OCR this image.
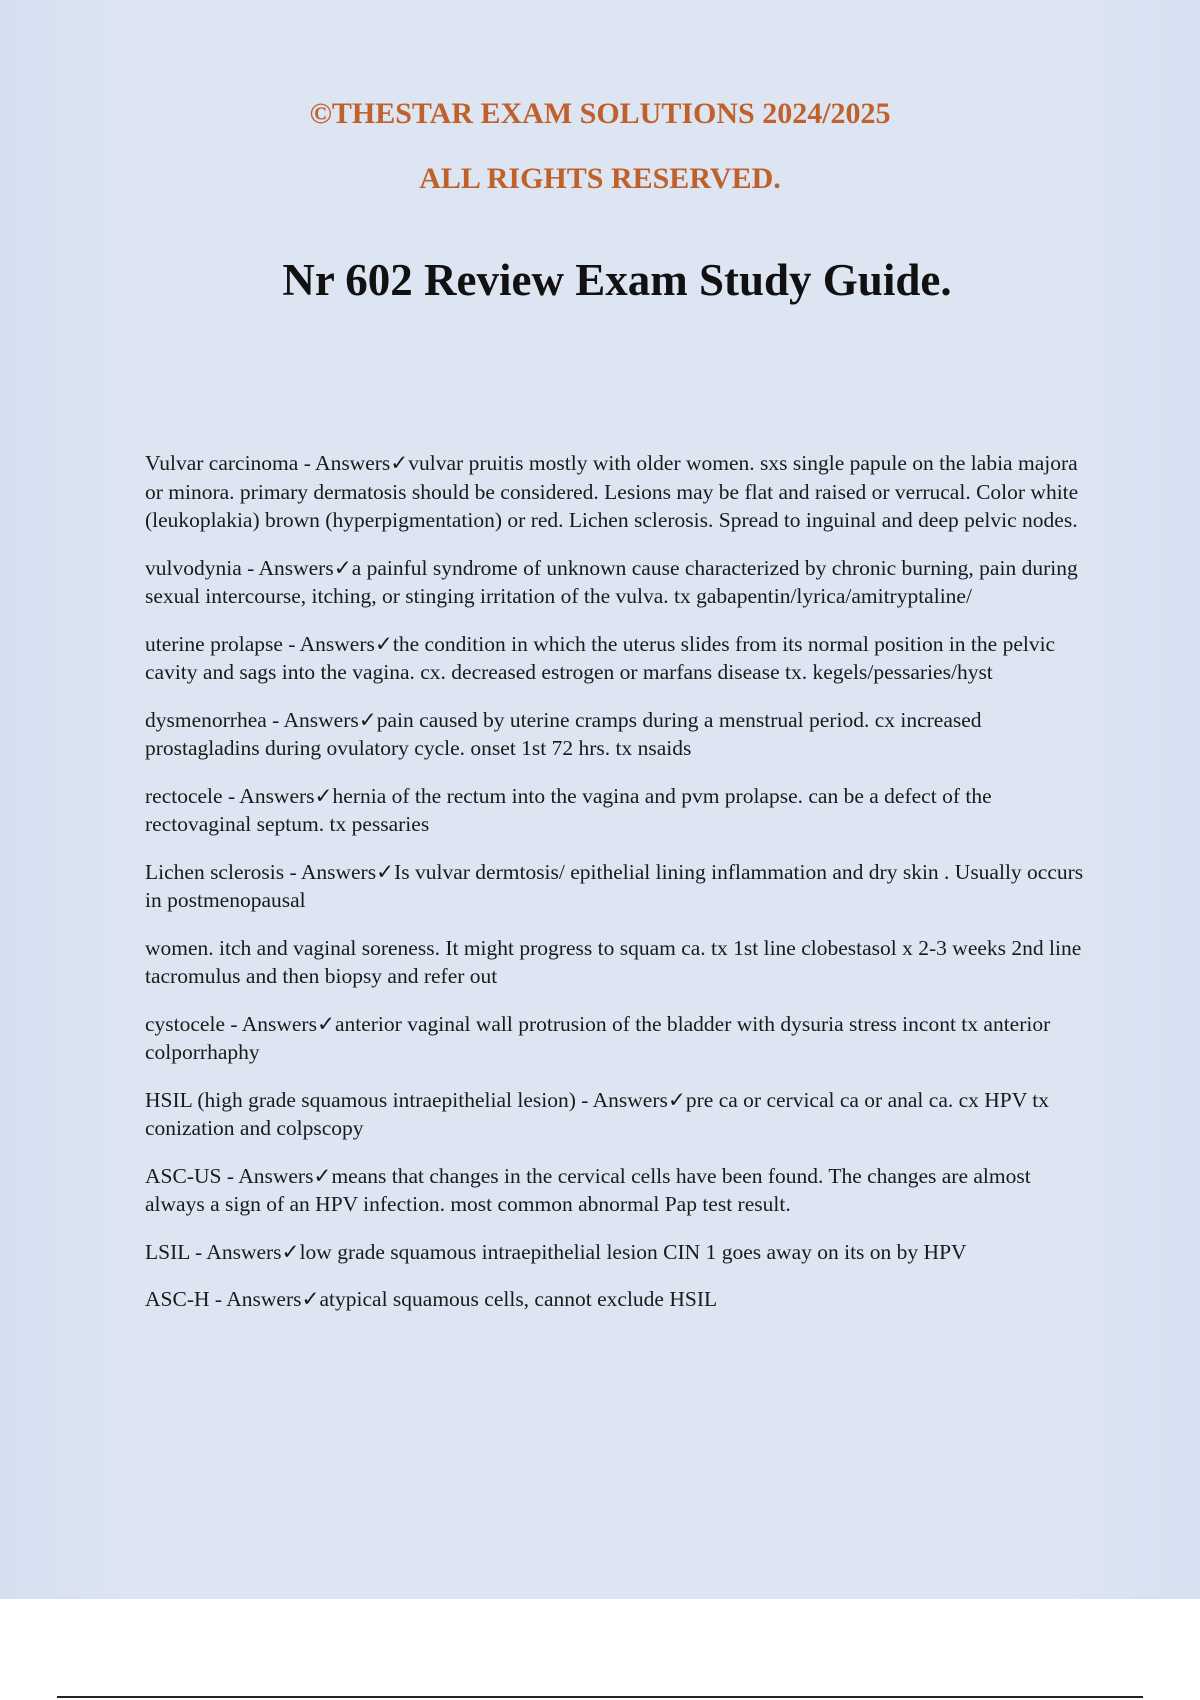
©THESTAR EXAM SOLUTIONS 2024/2025

ALL RIGHTS RESERVED.

Nr 602 Review Exam Study Guide.

Vulvar carcinoma - Answers✓vulvar pruitis mostly with older women. sxs single papule on the labia majora or minora. primary dermatosis should be considered. Lesions may be flat and raised or verrucal. Color white (leukoplakia) brown (hyperpigmentation) or red. Lichen sclerosis. Spread to inguinal and deep pelvic nodes.

vulvodynia - Answers✓a painful syndrome of unknown cause characterized by chronic burning, pain during sexual intercourse, itching, or stinging irritation of the vulva. tx gabapentin/lyrica/amitryptaline/

uterine prolapse - Answers✓the condition in which the uterus slides from its normal position in the pelvic cavity and sags into the vagina. cx. decreased estrogen or marfans disease tx. kegels/pessaries/hyst

dysmenorrhea - Answers✓pain caused by uterine cramps during a menstrual period. cx increased prostagladins during ovulatory cycle. onset 1st 72 hrs. tx nsaids

rectocele - Answers✓hernia of the rectum into the vagina and pvm prolapse. can be a defect of the rectovaginal septum. tx pessaries

Lichen sclerosis - Answers✓Is vulvar dermtosis/ epithelial lining inflammation and dry skin . Usually occurs in postmenopausal

women. itch and vaginal soreness. It might progress to squam ca. tx 1st line clobestasol x 2-3 weeks 2nd line tacromulus and then biopsy and refer out

cystocele - Answers✓anterior vaginal wall protrusion of the bladder with dysuria stress incont tx anterior colporrhaphy

HSIL (high grade squamous intraepithelial lesion) - Answers✓pre ca or cervical ca or anal ca. cx HPV tx conization and colpscopy

ASC-US - Answers✓means that changes in the cervical cells have been found. The changes are almost always a sign of an HPV infection. most common abnormal Pap test result.

LSIL - Answers✓low grade squamous intraepithelial lesion CIN 1 goes away on its on by HPV

ASC-H - Answers✓atypical squamous cells, cannot exclude HSIL
